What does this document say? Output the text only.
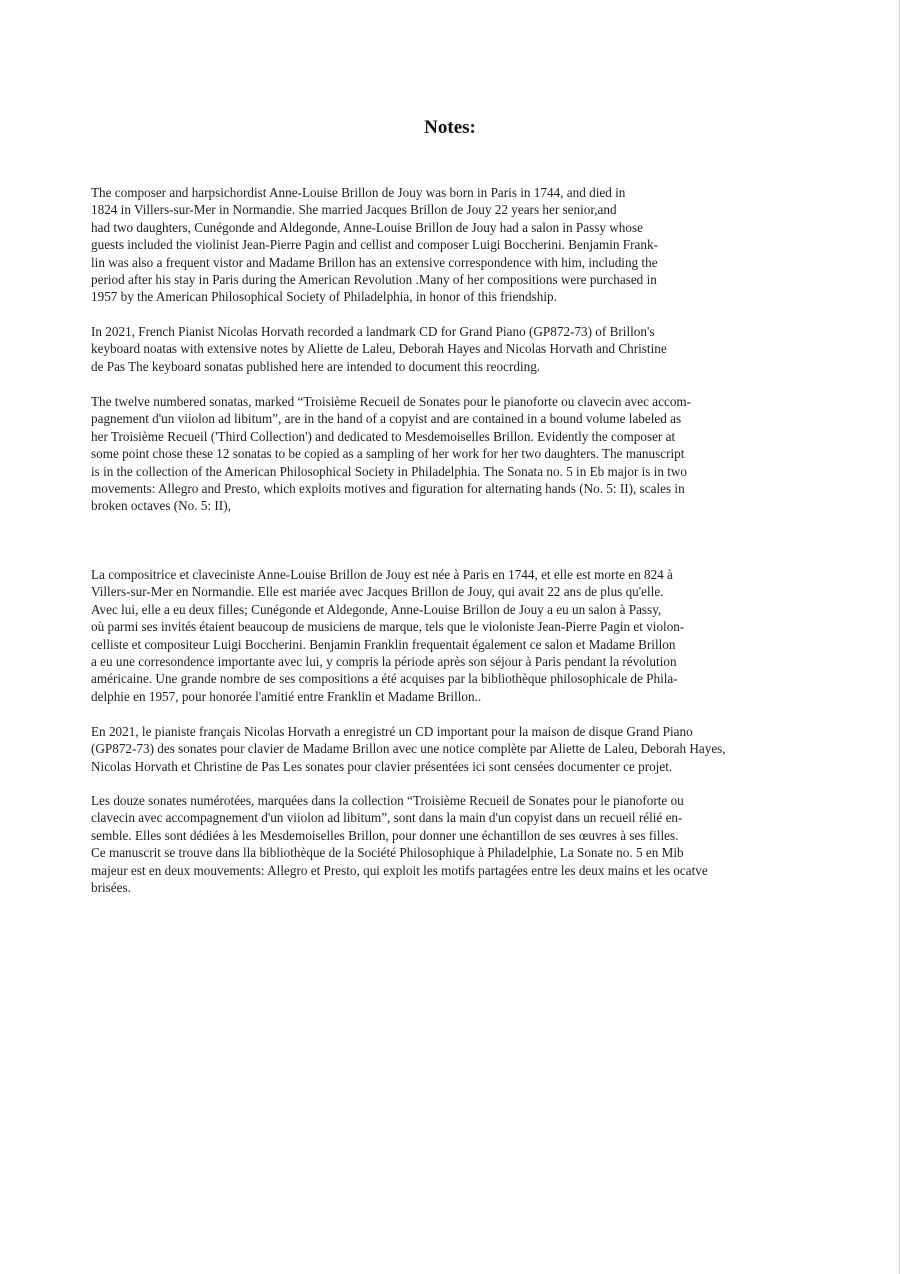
Notes:

The composer and harpsichordist Anne-Louise Brillon de Jouy was born in Paris in 1744, and died in
1824 in Villers-sur-Mer in Normandie. She married Jacques Brillon de Jouy 22 years her senior,and
had two daughters, Cunégonde and Aldegonde, Anne-Louise Brillon de Jouy had a salon in Passy whose
guests included the violinist Jean-Pierre Pagin and cellist and composer Luigi Boccherini. Benjamin Frank-
lin was also a frequent vistor and Madame Brillon has an extensive correspondence with him, including the
period after his stay in Paris during the American Revolution .Many of her compositions were purchased in
1957 by the American Philosophical Society of Philadelphia, in honor of this friendship.

In 2021, French Pianist Nicolas Horvath recorded a landmark CD for Grand Piano (GP872-73) of Brillon's
keyboard noatas with extensive notes by Aliette de Laleu, Deborah Hayes and Nicolas Horvath and Christine
de Pas The keyboard sonatas published here are intended to document this reocrding.

The twelve numbered sonatas, marked “Troisième Recueil de Sonates pour le pianoforte ou clavecin avec accom-
pagnement d'un viiolon ad libitum”, are in the hand of a copyist and are contained in a bound volume labeled as
her Troisième Recueil ('Third Collection') and dedicated to Mesdemoiselles Brillon. Evidently the composer at
some point chose these 12 sonatas to be copied as a sampling of her work for her two daughters. The manuscript
is in the collection of the American Philosophical Society in Philadelphia. The Sonata no. 5 in Eb major is in two
movements: Allegro and Presto, which exploits motives and figuration for alternating hands (No. 5: II), scales in
broken octaves (No. 5: II),

La compositrice et claveciniste Anne-Louise Brillon de Jouy est née à Paris en 1744, et elle est morte en 824 à
Villers-sur-Mer en Normandie. Elle est mariée avec Jacques Brillon de Jouy, qui avait 22 ans de plus qu'elle.
Avec lui, elle a eu deux filles; Cunégonde et Aldegonde, Anne-Louise Brillon de Jouy a eu un salon à Passy,
où parmi ses invités étaient beaucoup de musiciens de marque, tels que le violoniste Jean-Pierre Pagin et violon-
celliste et compositeur Luigi Boccherini. Benjamin Franklin frequentait également ce salon et Madame Brillon
a eu une corresondence importante avec lui, y compris la période après son séjour à Paris pendant la révolution
américaine. Une grande nombre de ses compositions a été acquises par la bibliothèque philosophicale de Phila-
delphie en 1957, pour honorée l'amitié entre Franklin et Madame Brillon..

En 2021, le pianiste français Nicolas Horvath a enregistré un CD important pour la maison de disque Grand Piano
(GP872-73) des sonates pour clavier de Madame Brillon avec une notice complète par Aliette de Laleu, Deborah Hayes,
Nicolas Horvath et Christine de Pas Les sonates pour clavier présentées ici sont censées documenter ce projet.

Les douze sonates numérotées, marquées dans la collection “Troisième Recueil de Sonates pour le pianoforte ou
clavecin avec accompagnement d'un viiolon ad libitum”, sont dans la main d'un copyist dans un recueil rélié en-
semble. Elles sont dédiées à les Mesdemoiselles Brillon, pour donner une échantillon de ses œuvres à ses filles.
Ce manuscrit se trouve dans lla bibliothèque de la Société Philosophique à Philadelphie, La Sonate no. 5 en Mib
majeur est en deux mouvements: Allegro et Presto, qui exploit les motifs partagées entre les deux mains et les ocatve
brisées.
